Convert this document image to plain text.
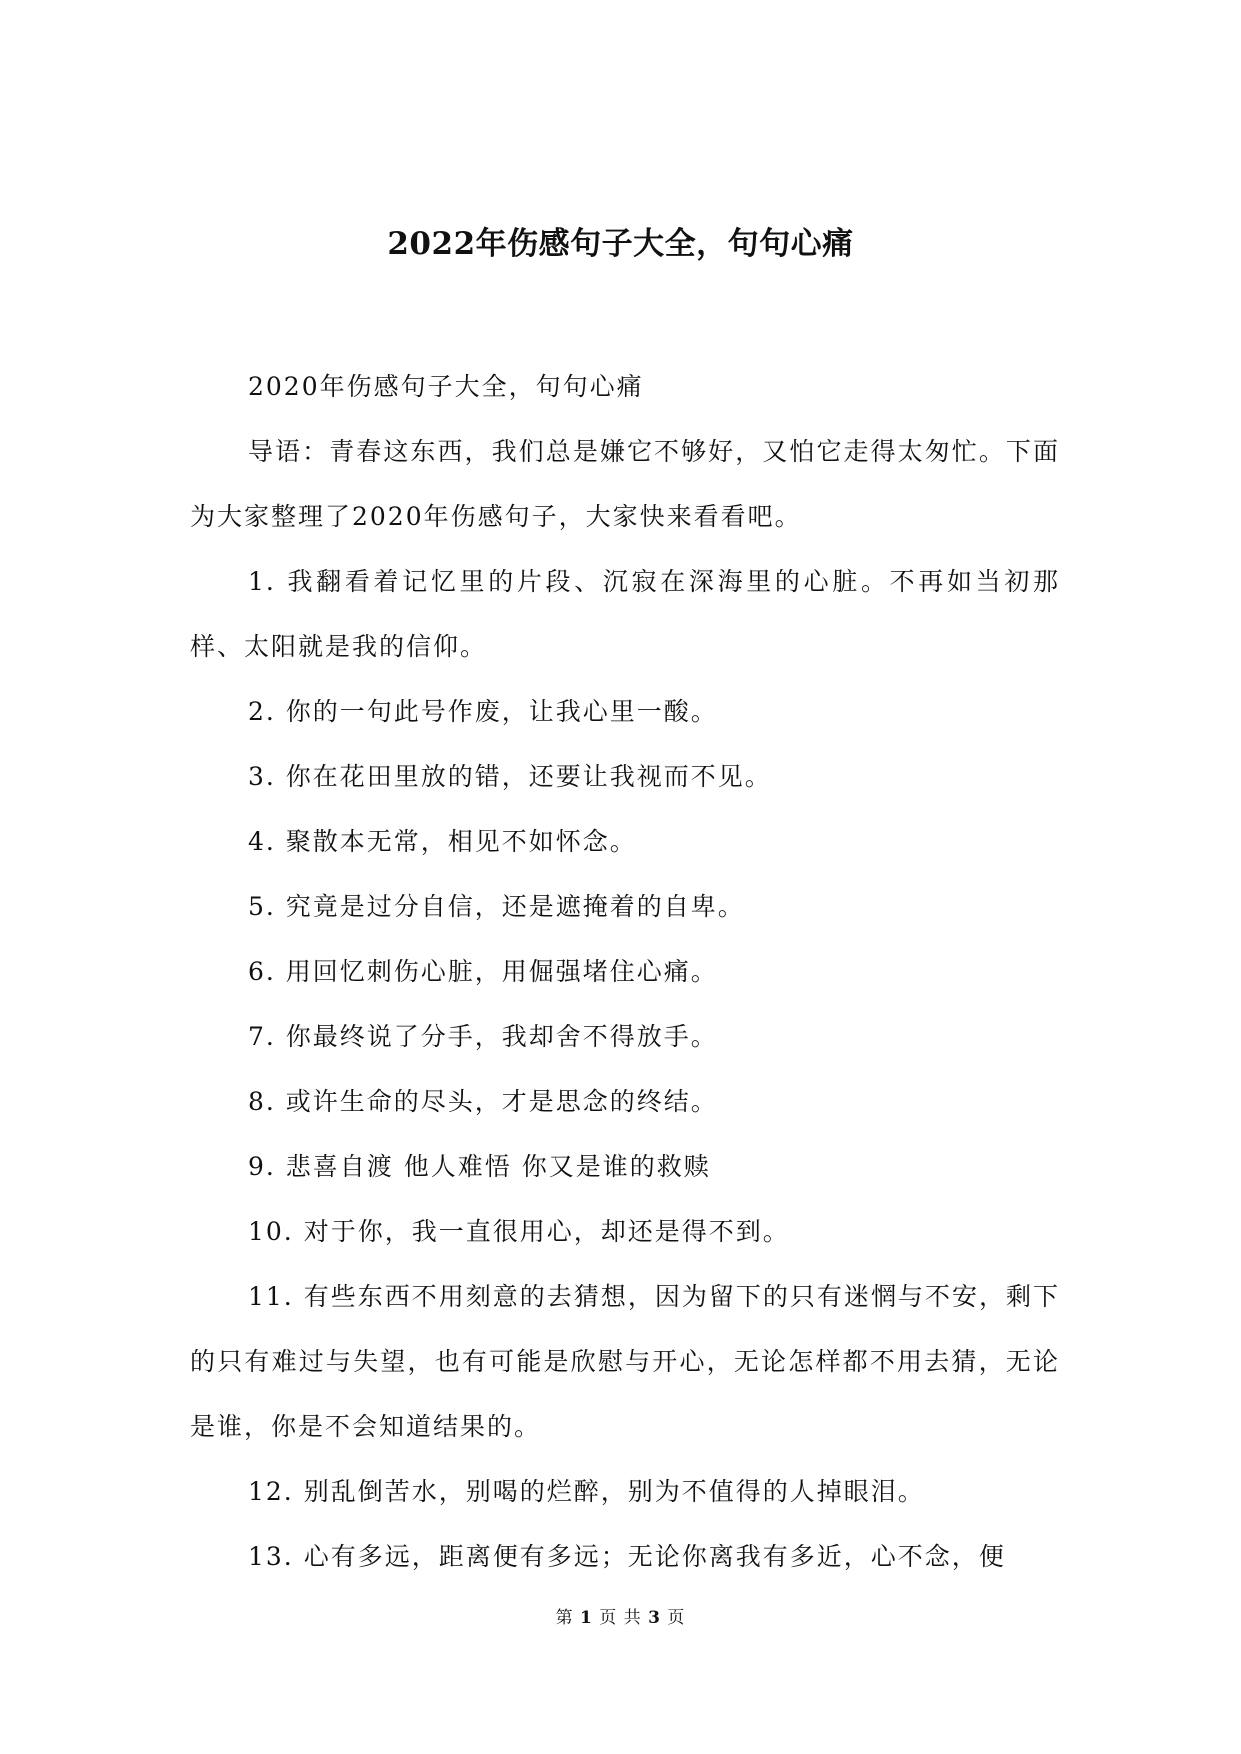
2022年伤感句子大全，句句心痛

2020年伤感句子大全，句句心痛

导语：青春这东西，我们总是嫌它不够好，又怕它走得太匆忙。下面为大家整理了2020年伤感句子，大家快来看看吧。

1. 我翻看着记忆里的片段、沉寂在深海里的心脏。不再如当初那样、太阳就是我的信仰。

2. 你的一句此号作废，让我心里一酸。

3. 你在花田里放的错，还要让我视而不见。

4. 聚散本无常，相见不如怀念。

5. 究竟是过分自信，还是遮掩着的自卑。

6. 用回忆刺伤心脏，用倔强堵住心痛。

7. 你最终说了分手，我却舍不得放手。

8. 或许生命的尽头，才是思念的终结。

9. 悲喜自渡 他人难悟 你又是谁的救赎

10. 对于你，我一直很用心，却还是得不到。

11. 有些东西不用刻意的去猜想，因为留下的只有迷惘与不安，剩下的只有难过与失望，也有可能是欣慰与开心，无论怎样都不用去猜，无论是谁，你是不会知道结果的。

12. 别乱倒苦水，别喝的烂醉，别为不值得的人掉眼泪。

13. 心有多远，距离便有多远；无论你离我有多近，心不念，便

第 1 页 共 3 页
